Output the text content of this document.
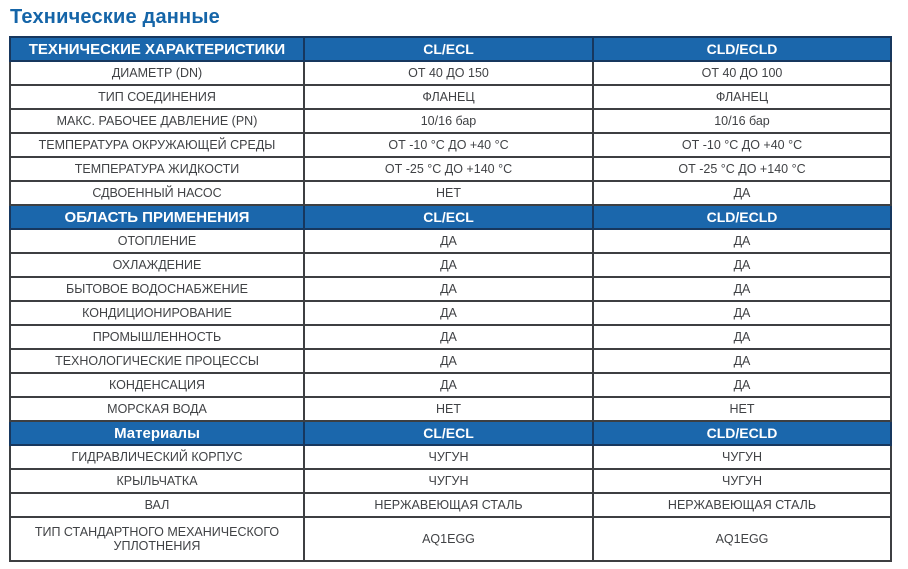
Технические данные
ТЕХНИЧЕСКИЕ ХАРАКТЕРИСТИКИ	CL/ECL	CLD/ECLD
ДИАМЕТР (DN)	ОТ 40 ДО 150	ОТ 40 ДО 100
ТИП СОЕДИНЕНИЯ	ФЛАНЕЦ	ФЛАНЕЦ
МАКС. РАБОЧЕЕ ДАВЛЕНИЕ (PN)	10/16 бар	10/16 бар
ТЕМПЕРАТУРА ОКРУЖАЮЩЕЙ СРЕДЫ	ОТ -10 °C ДО +40 °C	ОТ -10 °C ДО +40 °C
ТЕМПЕРАТУРА ЖИДКОСТИ	ОТ -25 °C ДО +140 °C	ОТ -25 °C ДО +140 °C
СДВОЕННЫЙ НАСОС	НЕТ	ДА
ОБЛАСТЬ ПРИМЕНЕНИЯ	CL/ECL	CLD/ECLD
ОТОПЛЕНИЕ	ДА	ДА
ОХЛАЖДЕНИЕ	ДА	ДА
БЫТОВОЕ ВОДОСНАБЖЕНИЕ	ДА	ДА
КОНДИЦИОНИРОВАНИЕ	ДА	ДА
ПРОМЫШЛЕННОСТЬ	ДА	ДА
ТЕХНОЛОГИЧЕСКИЕ ПРОЦЕССЫ	ДА	ДА
КОНДЕНСАЦИЯ	ДА	ДА
МОРСКАЯ ВОДА	НЕТ	НЕТ
Материалы	CL/ECL	CLD/ECLD
ГИДРАВЛИЧЕСКИЙ КОРПУС	ЧУГУН	ЧУГУН
КРЫЛЬЧАТКА	ЧУГУН	ЧУГУН
ВАЛ	НЕРЖАВЕЮЩАЯ СТАЛЬ	НЕРЖАВЕЮЩАЯ СТАЛЬ
ТИП СТАНДАРТНОГО МЕХАНИЧЕСКОГО УПЛОТНЕНИЯ	AQ1EGG	AQ1EGG
